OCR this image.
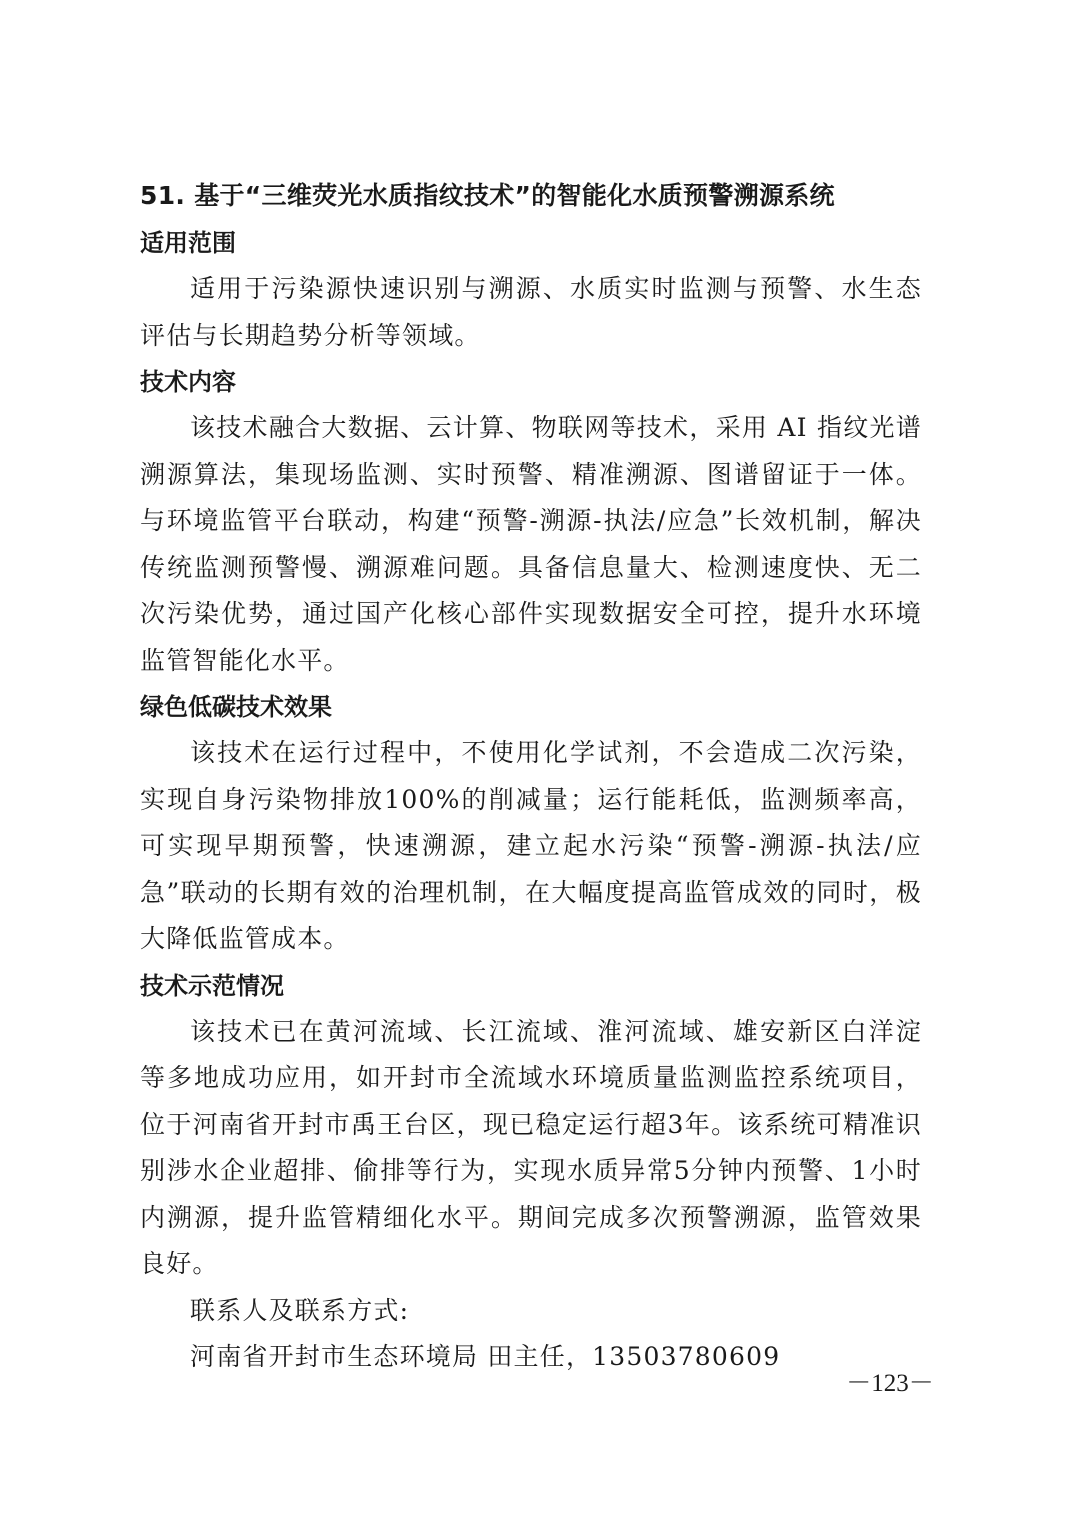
51. 基于“三维荧光水质指纹技术”的智能化水质预警溯源系统
适用范围

适用于污染源快速识别与溯源、水质实时监测与预警、水生态评估与长期趋势分析等领域。

技术内容

该技术融合大数据、云计算、物联网等技术，采用 AI 指纹光谱溯源算法，集现场监测、实时预警、精准溯源、图谱留证于一体。与环境监管平台联动，构建“预警-溯源-执法/应急”长效机制，解决传统监测预警慢、溯源难问题。具备信息量大、检测速度快、无二次污染优势，通过国产化核心部件实现数据安全可控，提升水环境监管智能化水平。

绿色低碳技术效果

该技术在运行过程中，不使用化学试剂，不会造成二次污染，实现自身污染物排放100%的削减量；运行能耗低，监测频率高，可实现早期预警，快速溯源，建立起水污染“预警-溯源-执法/应急”联动的长期有效的治理机制，在大幅度提高监管成效的同时，极大降低监管成本。

技术示范情况

该技术已在黄河流域、长江流域、淮河流域、雄安新区白洋淀等多地成功应用，如开封市全流域水环境质量监测监控系统项目，位于河南省开封市禹王台区，现已稳定运行超3年。该系统可精准识别涉水企业超排、偷排等行为，实现水质异常5分钟内预警、1小时内溯源，提升监管精细化水平。期间完成多次预警溯源，监管效果良好。

联系人及联系方式:

河南省开封市生态环境局 田主任，13503780609

－123－
